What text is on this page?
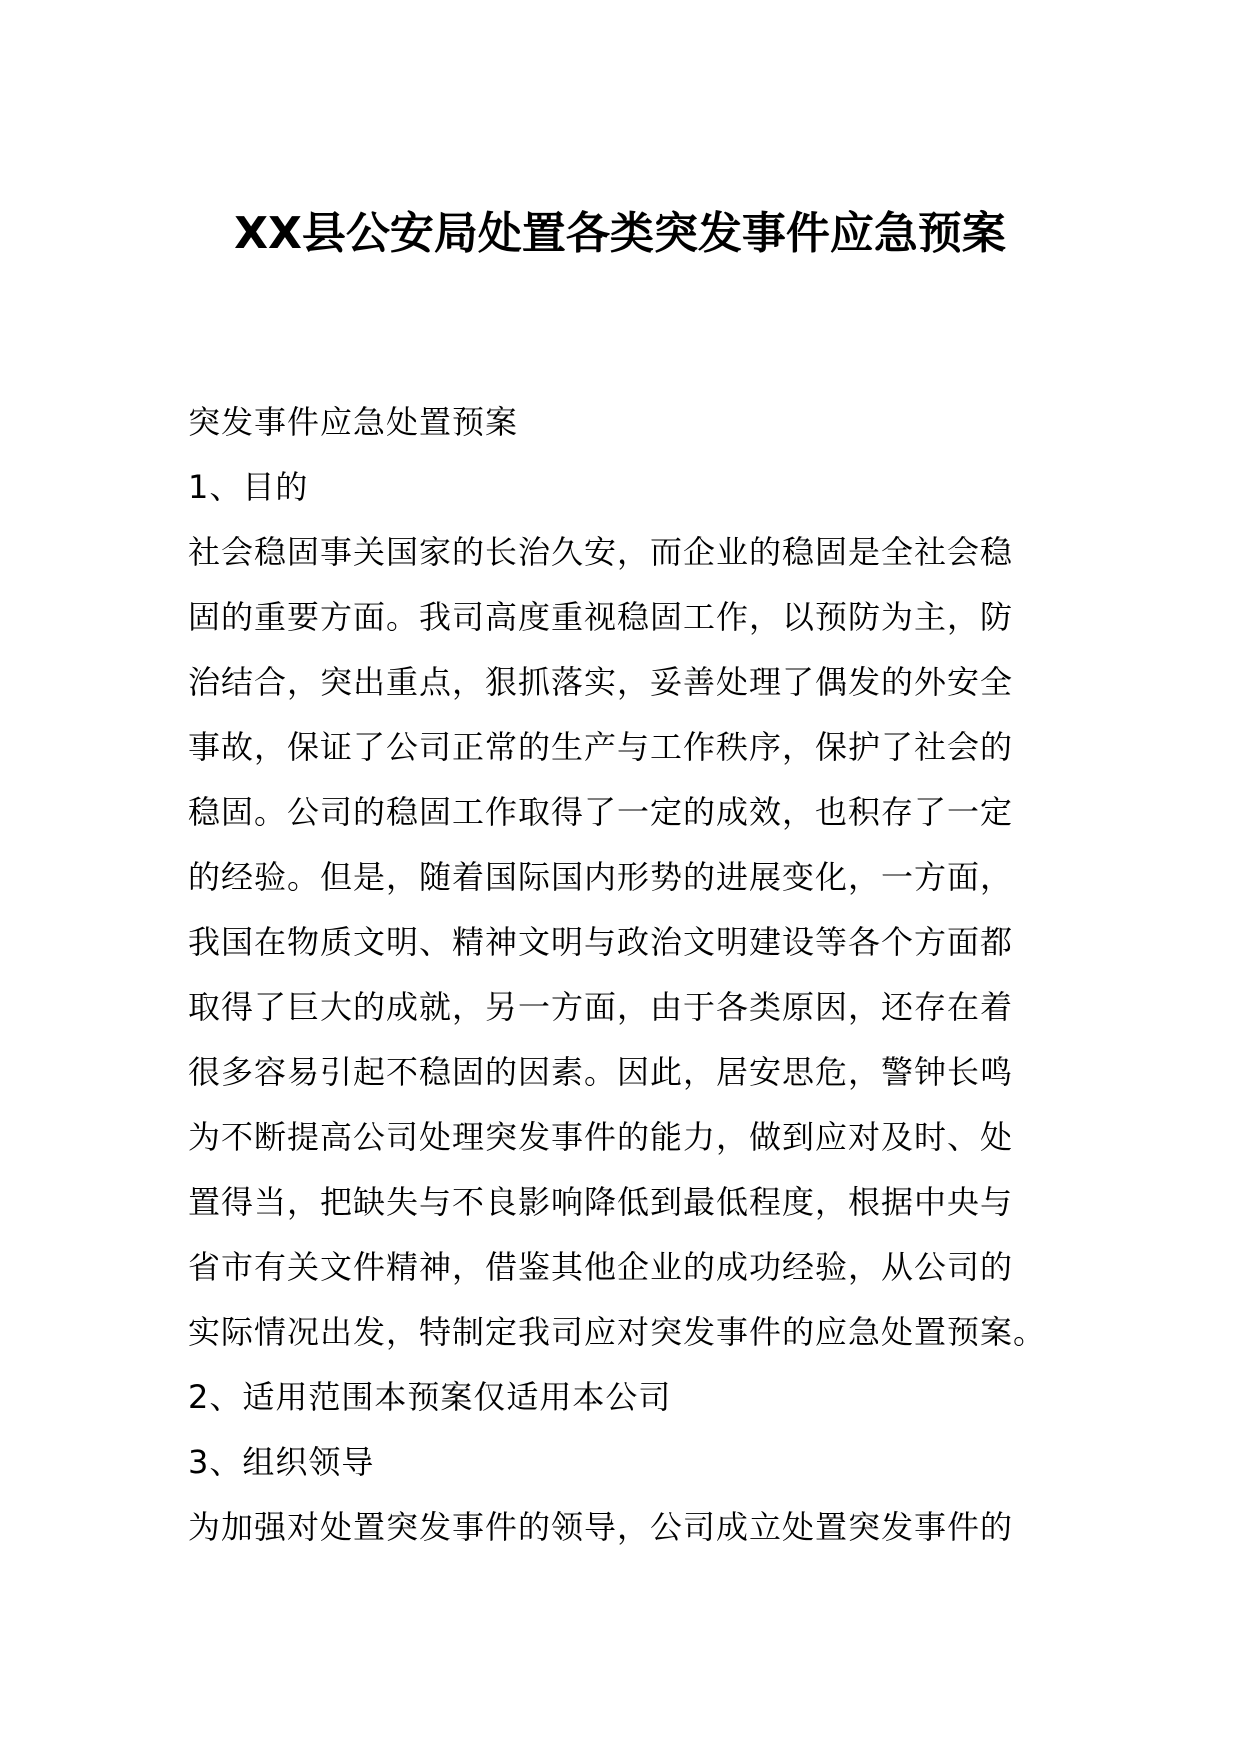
XX县公安局处置各类突发事件应急预案
突发事件应急处置预案
1、目的
社会稳固事关国家的长治久安，而企业的稳固是全社会稳
固的重要方面。我司高度重视稳固工作，以预防为主，防
治结合，突出重点，狠抓落实，妥善处理了偶发的外安全
事故，保证了公司正常的生产与工作秩序，保护了社会的
稳固。公司的稳固工作取得了一定的成效，也积存了一定
的经验。但是，随着国际国内形势的进展变化，一方面，
我国在物质文明、精神文明与政治文明建设等各个方面都
取得了巨大的成就，另一方面，由于各类原因，还存在着
很多容易引起不稳固的因素。因此，居安思危，警钟长鸣
为不断提高公司处理突发事件的能力，做到应对及时、处
置得当，把缺失与不良影响降低到最低程度，根据中央与
省市有关文件精神，借鉴其他企业的成功经验，从公司的
实际情况出发，特制定我司应对突发事件的应急处置预案。
2、适用范围本预案仅适用本公司
3、组织领导
为加强对处置突发事件的领导，公司成立处置突发事件的
